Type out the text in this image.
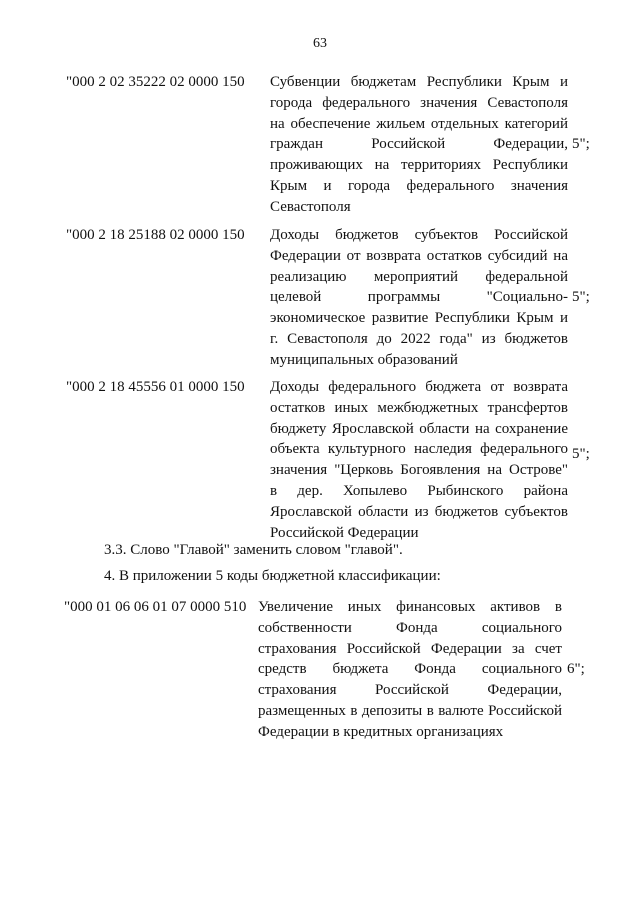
63
"000 2 02 35222 02 0000 150 Субвенции бюджетам Республики Крым и
города федерального значения Севастополя
на обеспечение жильем отдельных категорий
граждан Российской Федерации,
проживающих на территориях Республики
Крым и города федерального значения
Севастополя
5";
"000 2 18 25188 02 0000 150 Доходы бюджетов субъектов Российской
Федерации от возврата остатков субсидий на
реализацию мероприятий федеральной
целевой программы "Социально-
экономическое развитие Республики Крым и
г. Севастополя до 2022 года" из бюджетов
муниципальных образований
5";
"000 2 18 45556 01 0000 150 Доходы федерального бюджета от возврата
остатков иных межбюджетных трансфертов
бюджету Ярославской области на сохранение
объекта культурного наследия федерального
значения "Церковь Богоявления на Острове"
в дер. Хопылево Рыбинского района
Ярославской области из бюджетов субъектов
Российской Федерации
5";
3.3. Слово "Главой" заменить словом "главой".
4. В приложении 5 коды бюджетной классификации:
"000 01 06 06 01 07 0000 510 Увеличение иных финансовых активов в
собственности Фонда социального
страхования Российской Федерации за счет
средств бюджета Фонда социального
страхования Российской Федерации,
размещенных в депозиты в валюте Российской
Федерации в кредитных организациях
6";
